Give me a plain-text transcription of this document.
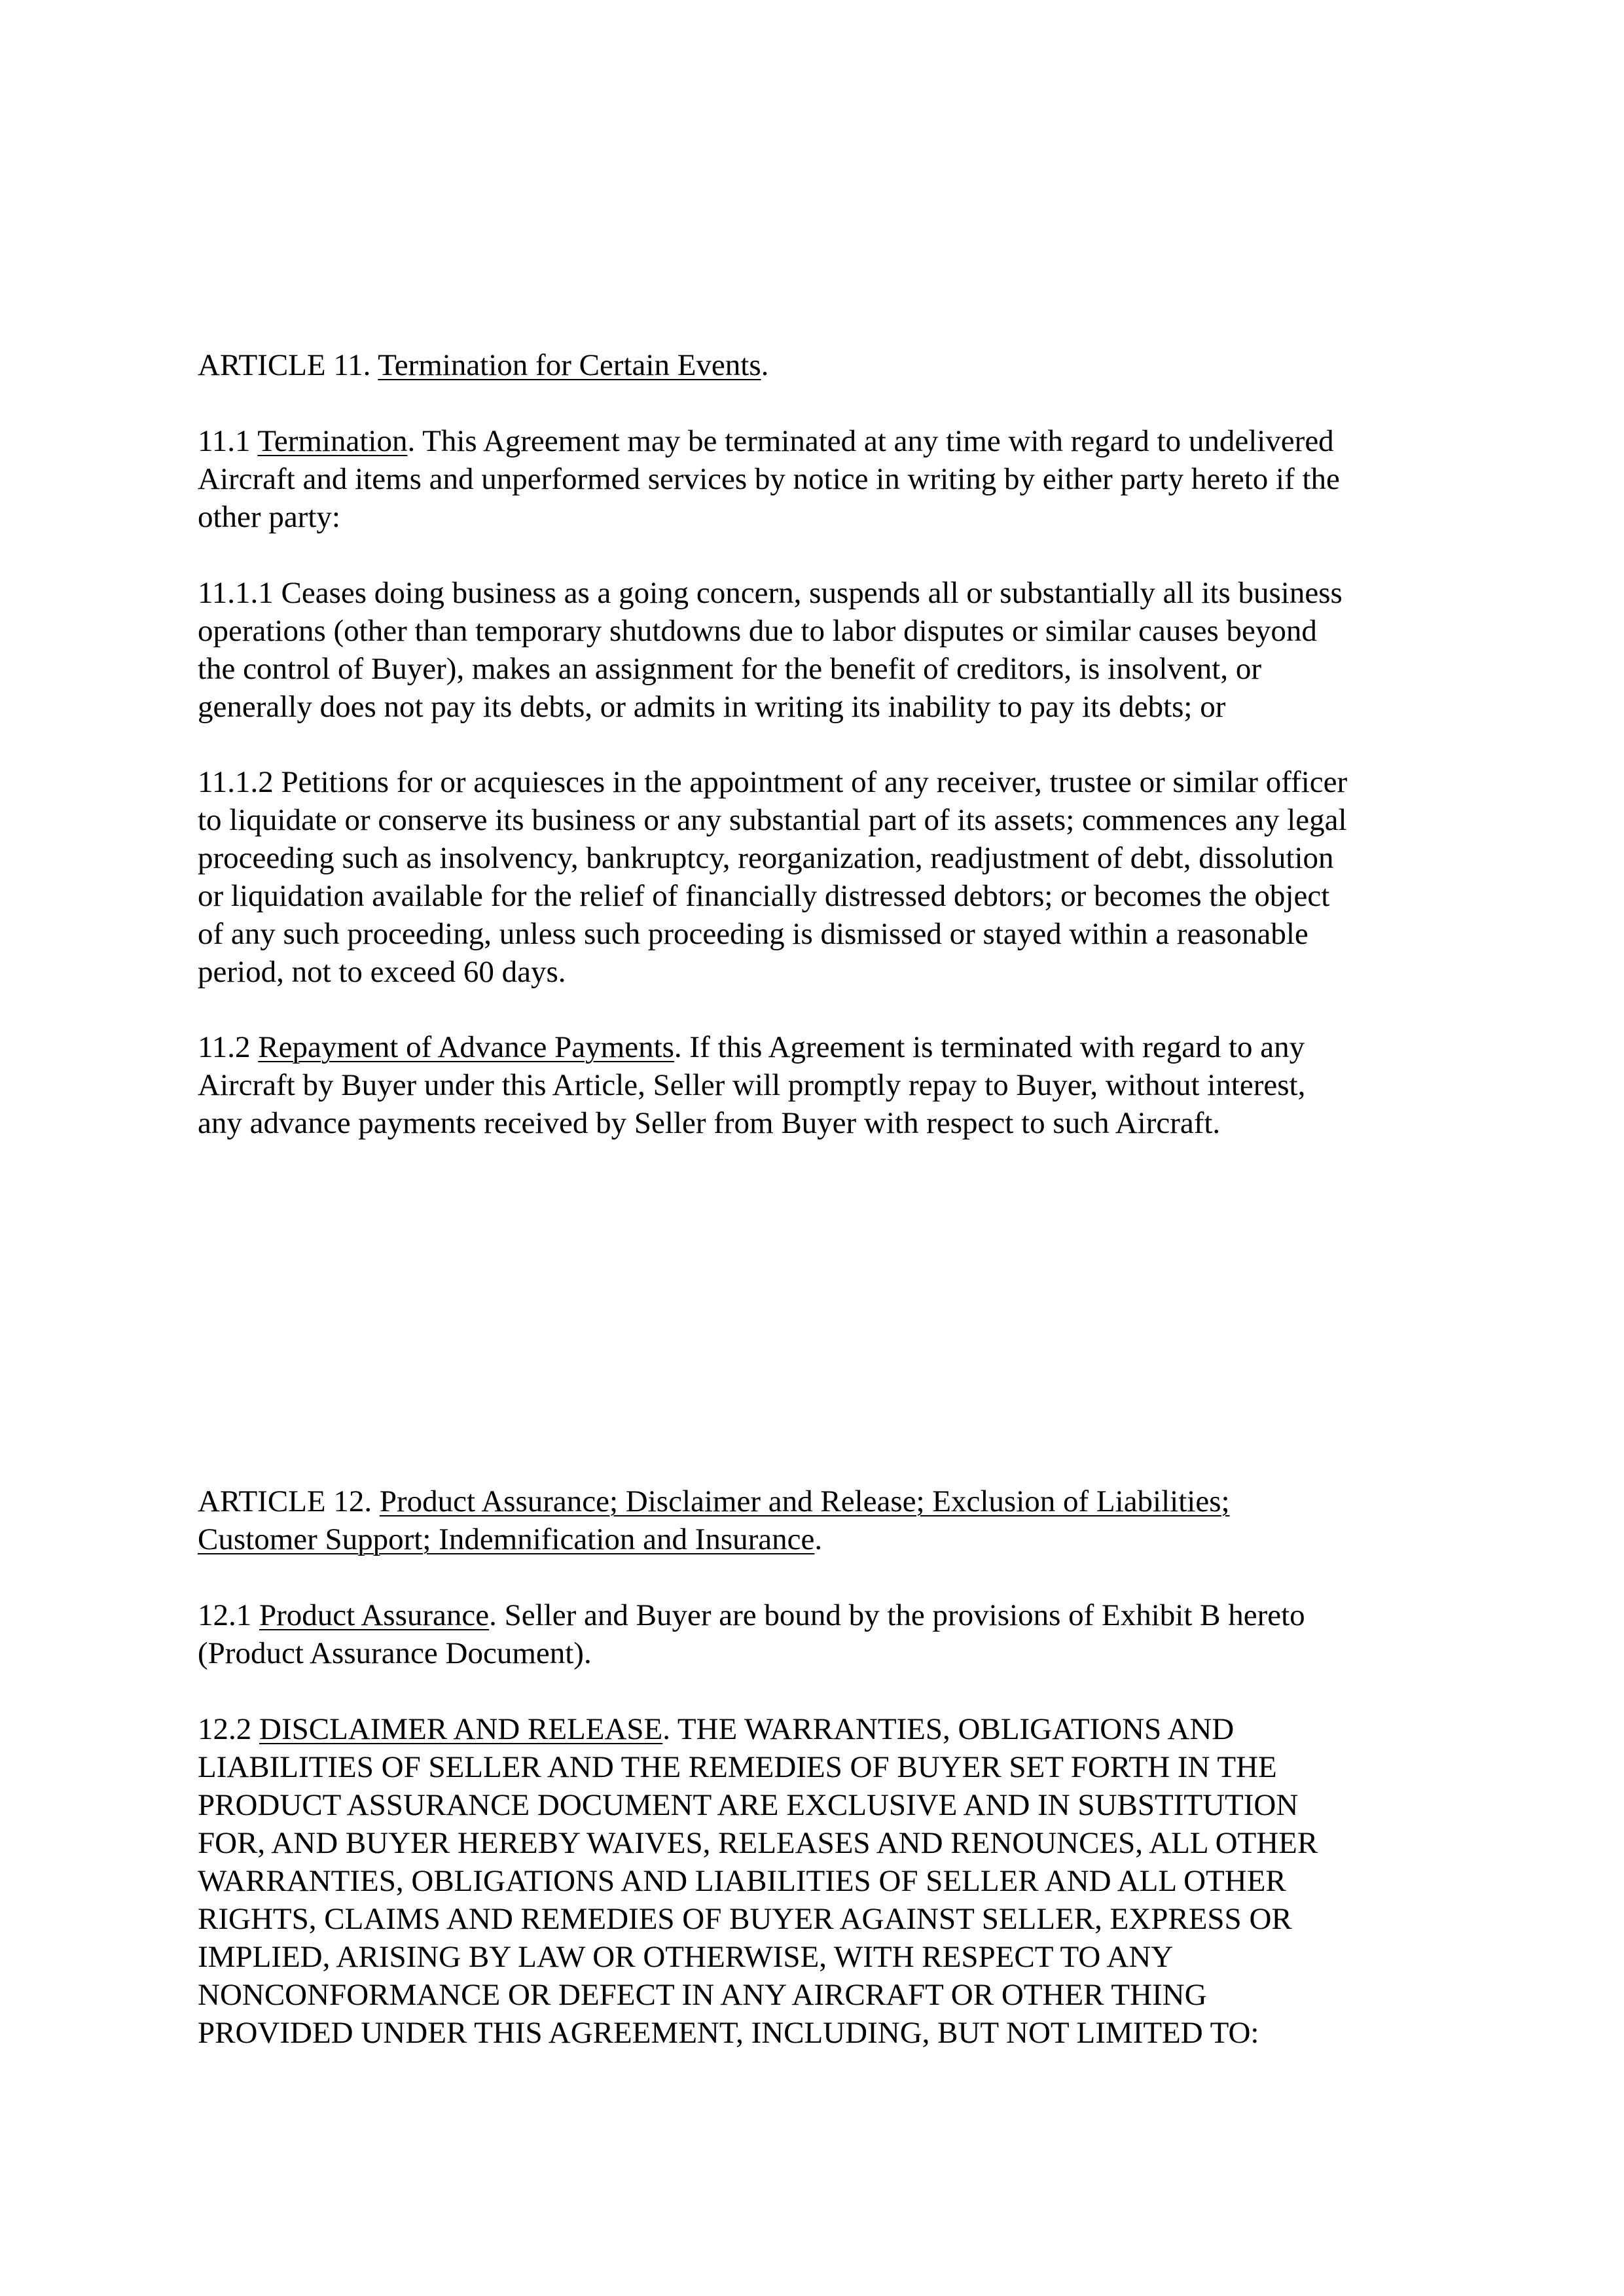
ARTICLE 11. Termination for Certain Events.

11.1 Termination. This Agreement may be terminated at any time with regard to undelivered
Aircraft and items and unperformed services by notice in writing by either party hereto if the
other party:

11.1.1 Ceases doing business as a going concern, suspends all or substantially all its business
operations (other than temporary shutdowns due to labor disputes or similar causes beyond
the control of Buyer), makes an assignment for the benefit of creditors, is insolvent, or
generally does not pay its debts, or admits in writing its inability to pay its debts; or

11.1.2 Petitions for or acquiesces in the appointment of any receiver, trustee or similar officer
to liquidate or conserve its business or any substantial part of its assets; commences any legal
proceeding such as insolvency, bankruptcy, reorganization, readjustment of debt, dissolution
or liquidation available for the relief of financially distressed debtors; or becomes the object
of any such proceeding, unless such proceeding is dismissed or stayed within a reasonable
period, not to exceed 60 days.

11.2 Repayment of Advance Payments. If this Agreement is terminated with regard to any
Aircraft by Buyer under this Article, Seller will promptly repay to Buyer, without interest,
any advance payments received by Seller from Buyer with respect to such Aircraft.

ARTICLE 12. Product Assurance; Disclaimer and Release; Exclusion of Liabilities;
Customer Support; Indemnification and Insurance.

12.1 Product Assurance. Seller and Buyer are bound by the provisions of Exhibit B hereto
(Product Assurance Document).

12.2 DISCLAIMER AND RELEASE. THE WARRANTIES, OBLIGATIONS AND
LIABILITIES OF SELLER AND THE REMEDIES OF BUYER SET FORTH IN THE
PRODUCT ASSURANCE DOCUMENT ARE EXCLUSIVE AND IN SUBSTITUTION
FOR, AND BUYER HEREBY WAIVES, RELEASES AND RENOUNCES, ALL OTHER
WARRANTIES, OBLIGATIONS AND LIABILITIES OF SELLER AND ALL OTHER
RIGHTS, CLAIMS AND REMEDIES OF BUYER AGAINST SELLER, EXPRESS OR
IMPLIED, ARISING BY LAW OR OTHERWISE, WITH RESPECT TO ANY
NONCONFORMANCE OR DEFECT IN ANY AIRCRAFT OR OTHER THING
PROVIDED UNDER THIS AGREEMENT, INCLUDING, BUT NOT LIMITED TO:
